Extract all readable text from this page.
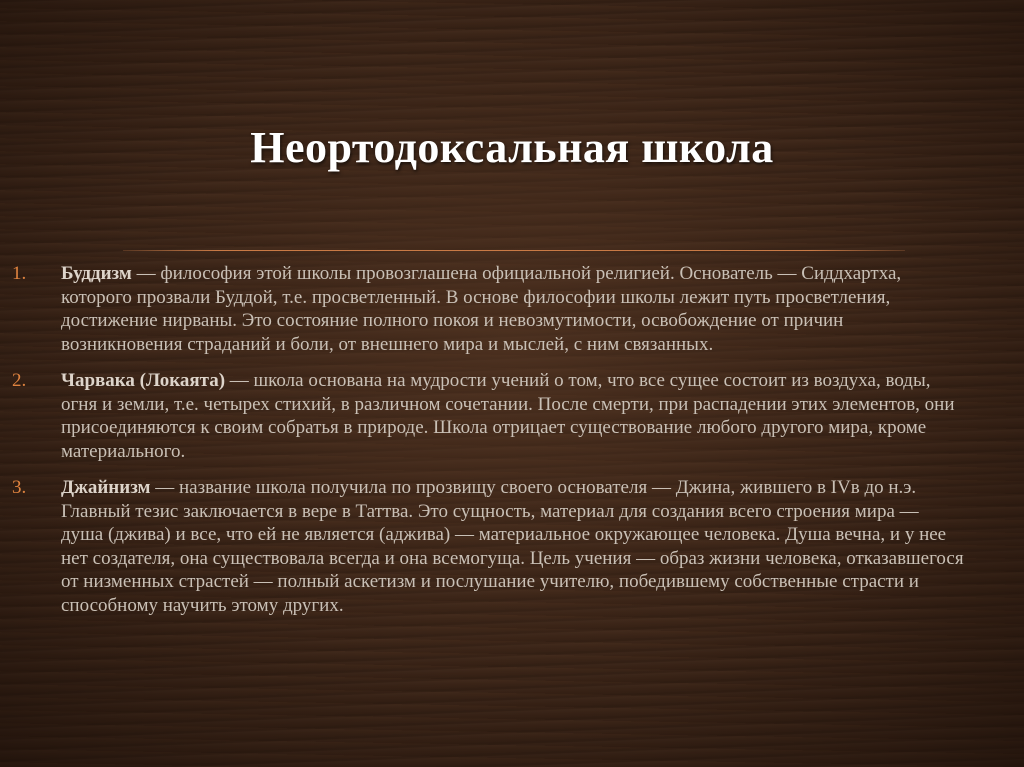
Неортодоксальная школа
1. Буддизм — философия этой школы провозглашена официальной религией. Основатель — Сиддхартха, которого прозвали Буддой, т.е. просветленный. В основе философии школы лежит путь просветления, достижение нирваны. Это состояние полного покоя и невозмутимости, освобождение от причин возникновения страданий и боли, от внешнего мира и мыслей, с ним связанных.
2. Чарвака (Локаята) — школа основана на мудрости учений о том, что все сущее состоит из воздуха, воды, огня и земли, т.е. четырех стихий, в различном сочетании. После смерти, при распадении этих элементов, они присоединяются к своим собратья в природе. Школа отрицает существование любого другого мира, кроме материального.
3. Джайнизм — название школа получила по прозвищу своего основателя — Джина, жившего в IVв до н.э. Главный тезис заключается в вере в Таттва. Это сущность, материал для создания всего строения мира — душа (джива) и все, что ей не является (аджива) — материальное окружающее человека. Душа вечна, и у нее нет создателя, она существовала всегда и она всемогуща. Цель учения — образ жизни человека, отказавшегося от низменных страстей — полный аскетизм и послушание учителю, победившему собственные страсти и способному научить этому других.
